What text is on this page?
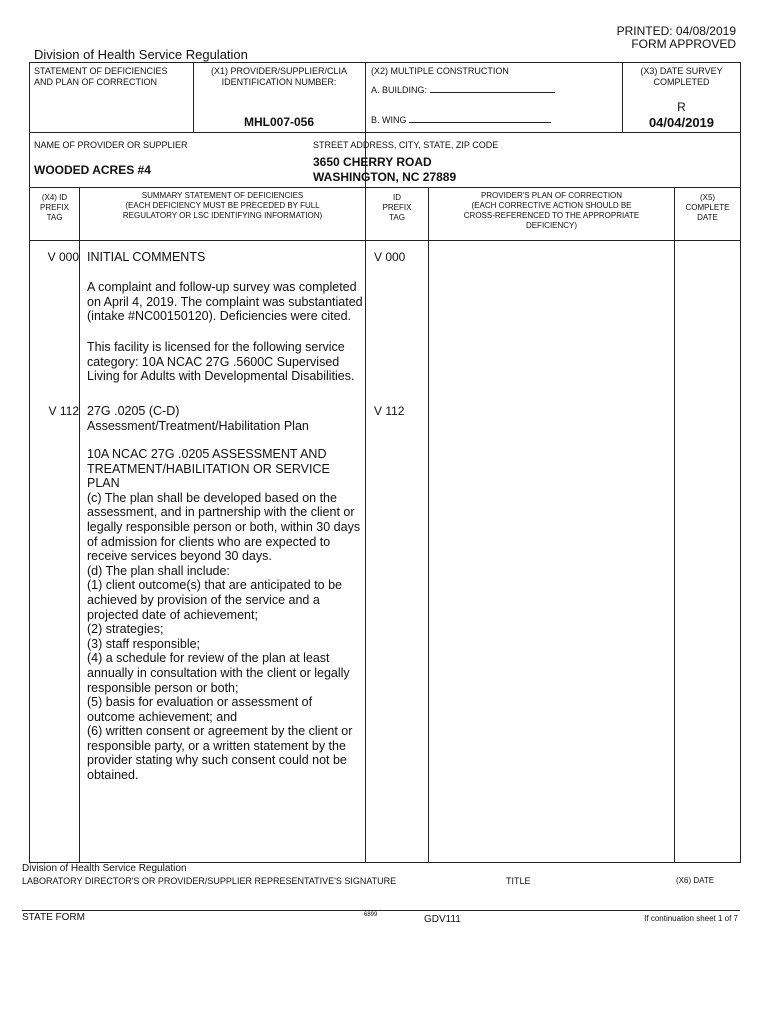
PRINTED: 04/08/2019
FORM APPROVED
Division of Health Service Regulation
STATEMENT OF DEFICIENCIES
AND PLAN OF CORRECTION
(X1) PROVIDER/SUPPLIER/CLIA
IDENTIFICATION NUMBER:
MHL007-056
(X2) MULTIPLE CONSTRUCTION
A. BUILDING:
B. WING
(X3) DATE SURVEY
COMPLETED
R
04/04/2019
NAME OF PROVIDER OR SUPPLIER
WOODED ACRES #4
STREET ADDRESS, CITY, STATE, ZIP CODE
3650 CHERRY ROAD
WASHINGTON, NC 27889
(X4) ID
PREFIX
TAG
SUMMARY STATEMENT OF DEFICIENCIES
(EACH DEFICIENCY MUST BE PRECEDED BY FULL
REGULATORY OR LSC IDENTIFYING INFORMATION)
ID
PREFIX
TAG
PROVIDER'S PLAN OF CORRECTION
(EACH CORRECTIVE ACTION SHOULD BE
CROSS-REFERENCED TO THE APPROPRIATE
DEFICIENCY)
(X5)
COMPLETE
DATE
V 000 INITIAL COMMENTS	V 000
A complaint and follow-up survey was completed
on April 4, 2019. The complaint was substantiated
(intake #NC00150120). Deficiencies were cited.
This facility is licensed for the following service
category: 10A NCAC 27G .5600C Supervised
Living for Adults with Developmental Disabilities.
V 112	V 112
27G .0205 (C-D)
Assessment/Treatment/Habilitation Plan
10A NCAC 27G .0205 ASSESSMENT AND
TREATMENT/HABILITATION OR SERVICE
PLAN
(c) The plan shall be developed based on the
assessment, and in partnership with the client or
legally responsible person or both, within 30 days
of admission for clients who are expected to
receive services beyond 30 days.
(d) The plan shall include:
(1) client outcome(s) that are anticipated to be
achieved by provision of the service and a
projected date of achievement;
(2) strategies;
(3) staff responsible;
(4) a schedule for review of the plan at least
annually in consultation with the client or legally
responsible person or both;
(5) basis for evaluation or assessment of
outcome achievement; and
(6) written consent or agreement by the client or
responsible party, or a written statement by the
provider stating why such consent could not be
obtained.
Division of Health Service Regulation
LABORATORY DIRECTOR'S OR PROVIDER/SUPPLIER REPRESENTATIVE'S SIGNATURE	TITLE	(X6) DATE
STATE FORM	6899	GDV111	If continuation sheet 1 of 7
